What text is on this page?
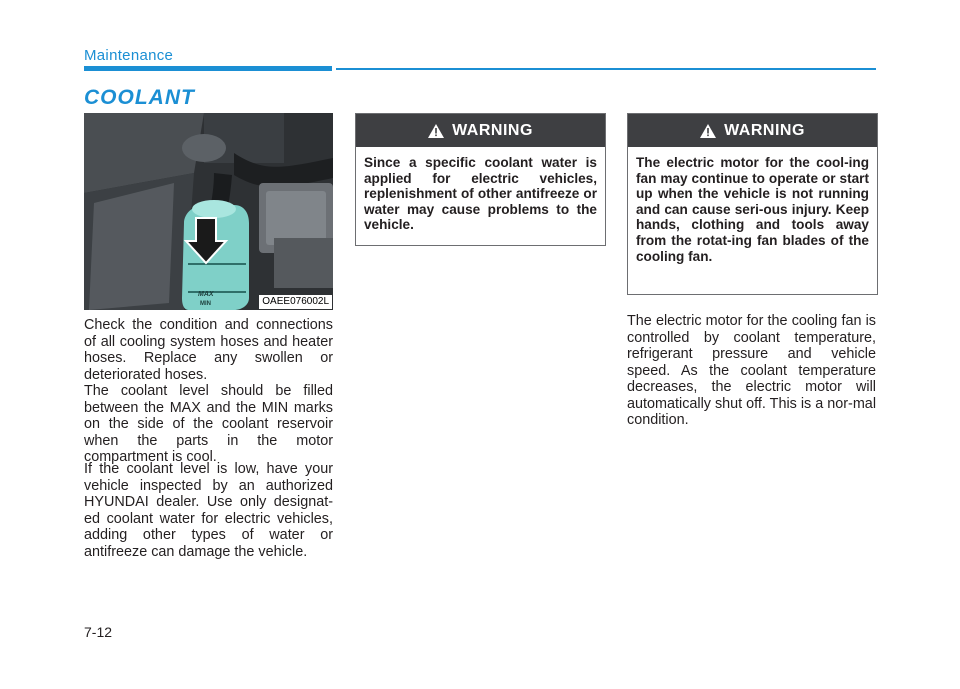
Maintenance
COOLANT
MAX
MIN	OAEE076002L

Check the condition and connections of all cooling system hoses and heater hoses. Replace any swollen or deteriorated hoses.

The coolant level should be filled between the MAX and the MIN marks on the side of the coolant reservoir when the parts in the motor compartment is cool.

If the coolant level is low, have your vehicle inspected by an authorized HYUNDAI dealer. Use only designat-ed coolant water for electric vehicles, adding other types of water or antifreeze can damage the vehicle.

WARNING

Since a specific coolant water is applied for electric vehicles, replenishment of other antifreeze or water may cause problems to the vehicle.

WARNING

The electric motor for the cool-ing fan may continue to operate or start up when the vehicle is not running and can cause seri-ous injury. Keep hands, clothing and tools away from the rotat-ing fan blades of the cooling fan.

The electric motor for the cooling fan is controlled by coolant temperature, refrigerant pressure and vehicle speed. As the coolant temperature decreases, the electric motor will automatically shut off. This is a nor-mal condition.

7-12
